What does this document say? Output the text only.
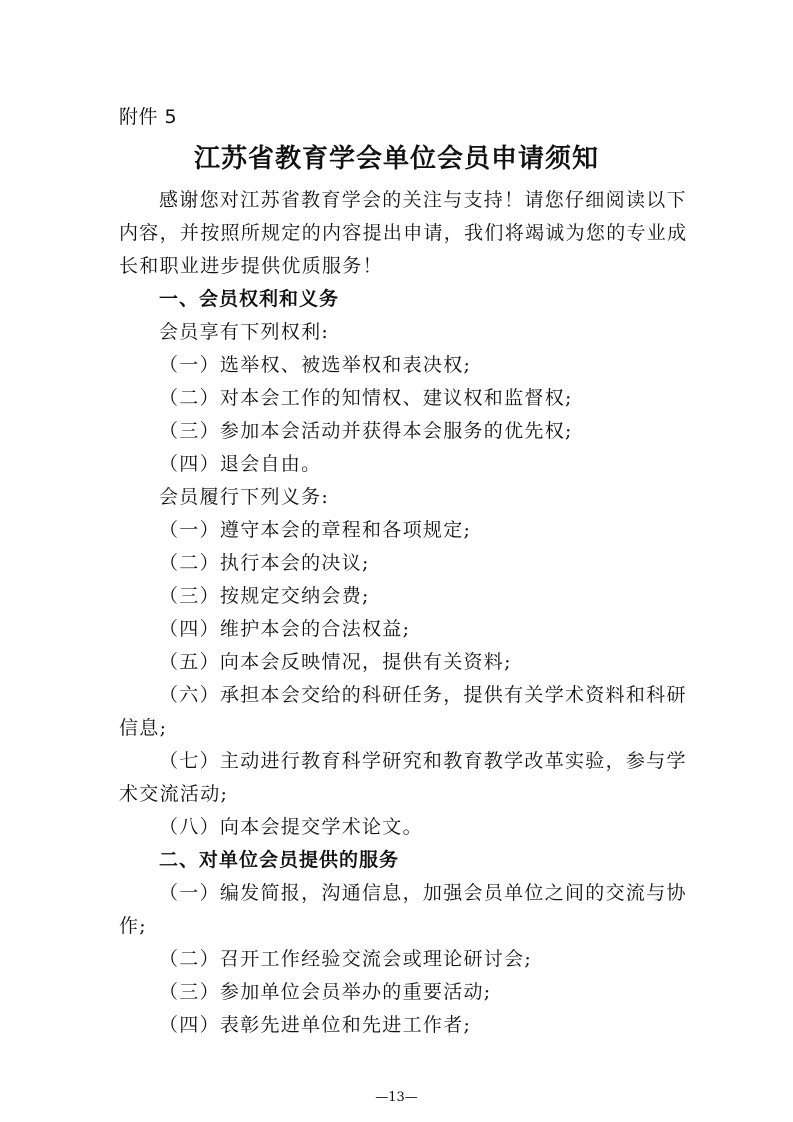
附件 5
江苏省教育学会单位会员申请须知
感谢您对江苏省教育学会的关注与支持！请您仔细阅读以下
内容，并按照所规定的内容提出申请，我们将竭诚为您的专业成
长和职业进步提供优质服务！
一、会员权利和义务
会员享有下列权利:
（一）选举权、被选举权和表决权;
（二）对本会工作的知情权、建议权和监督权;
（三）参加本会活动并获得本会服务的优先权;
（四）退会自由。
会员履行下列义务:
（一）遵守本会的章程和各项规定;
（二）执行本会的决议;
（三）按规定交纳会费;
（四）维护本会的合法权益;
（五）向本会反映情况，提供有关资料;
（六）承担本会交给的科研任务，提供有关学术资料和科研
信息;
（七）主动进行教育科学研究和教育教学改革实验，参与学
术交流活动;
（八）向本会提交学术论文。
二、对单位会员提供的服务
（一）编发简报，沟通信息，加强会员单位之间的交流与协
作;
（二）召开工作经验交流会或理论研讨会;
（三）参加单位会员举办的重要活动;
（四）表彰先进单位和先进工作者;
—13—
